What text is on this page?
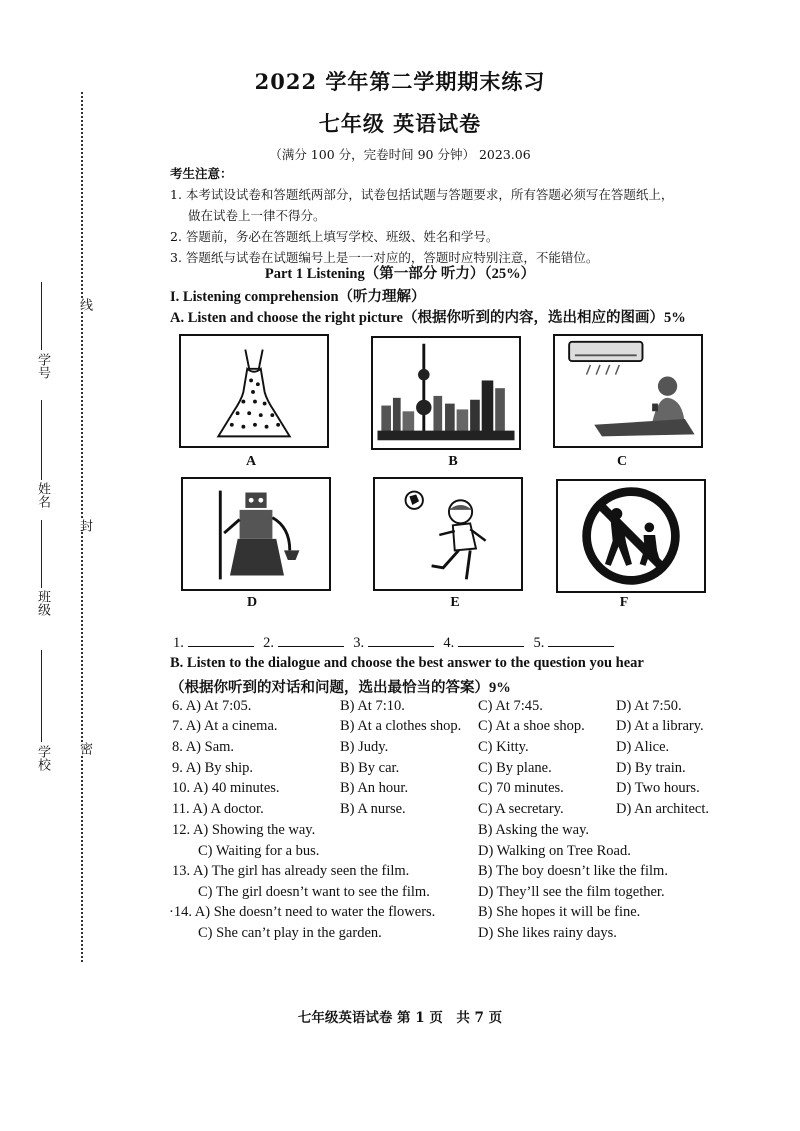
线
封
密
学号
姓名
班级
学校
2022 学年第二学期期末练习
七年级 英语试卷
（满分 100 分，完卷时间 90 分钟） 2023.06
考生注意：
1. 本考试设试卷和答题纸两部分，试卷包括试题与答题要求，所有答题必须写在答题纸上，
做在试卷上一律不得分。
2. 答题前，务必在答题纸上填写学校、班级、姓名和学号。
3. 答题纸与试卷在试题编号上是一一对应的，答题时应特别注意，不能错位。
Part 1 Listening（第一部分 听力）（25%）
I. Listening comprehension（听力理解）
A. Listen and choose the right picture（根据你听到的内容，选出相应的图画）5%
A	B	C
D	E	F
1.	2.	3.	4.	5.
B. Listen to the dialogue and choose the best answer to the question you hear
（根据你听到的对话和问题，选出最恰当的答案）9%
6. A) At 7:05.	B) At 7:10.	C) At 7:45.	D) At 7:50.
7. A) At a cinema.	B) At a clothes shop. C) At a shoe shop. D) At a library.
8. A) Sam.	B) Judy.	C) Kitty.	D) Alice.
9. A) By ship.	B) By car.	C) By plane.	D) By train.
10. A) 40 minutes.	B) An hour.	C) 70 minutes.	D) Two hours.
11. A) A doctor.	B) A nurse.	C) A secretary.	D) An architect.
12. A) Showing the way.	B) Asking the way.
C) Waiting for a bus.	D) Walking on Tree Road.
13. A) The girl has already seen the film.	B) The boy doesn’t like the film.
C) The girl doesn’t want to see the film.	D) They’ll see the film together.
·14. A) She doesn’t need to water the flowers.	B) She hopes it will be fine.
C) She can’t play in the garden.	D) She likes rainy days.
七年级英语试卷 第 1 页　共 7 页
